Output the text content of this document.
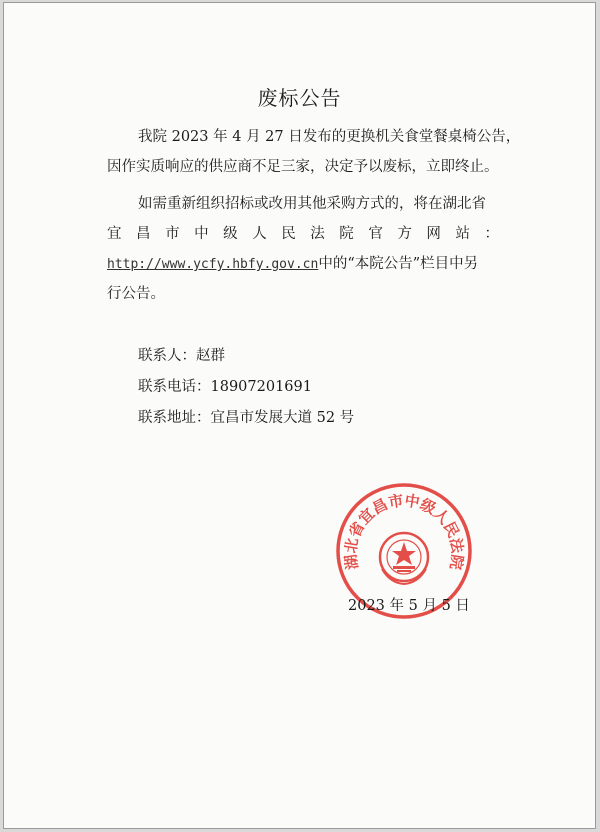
废标公告
我院 2023 年 4 月 27 日发布的更换机关食堂餐桌椅公告，
因作实质响应的供应商不足三家，决定予以废标，立即终止。
如需重新组织招标或改用其他采购方式的，将在湖北省
宜 昌 市 中 级 人 民 法 院 官 方 网 站 ：
http://www.ycfy.hbfy.gov.cn中的“本院公告”栏目中另
行公告。
联系人：赵群
联系电话：18907201691
联系地址：宜昌市发展大道 52 号
湖北省宜昌市中级人民法院
2023 年 5 月 5 日
